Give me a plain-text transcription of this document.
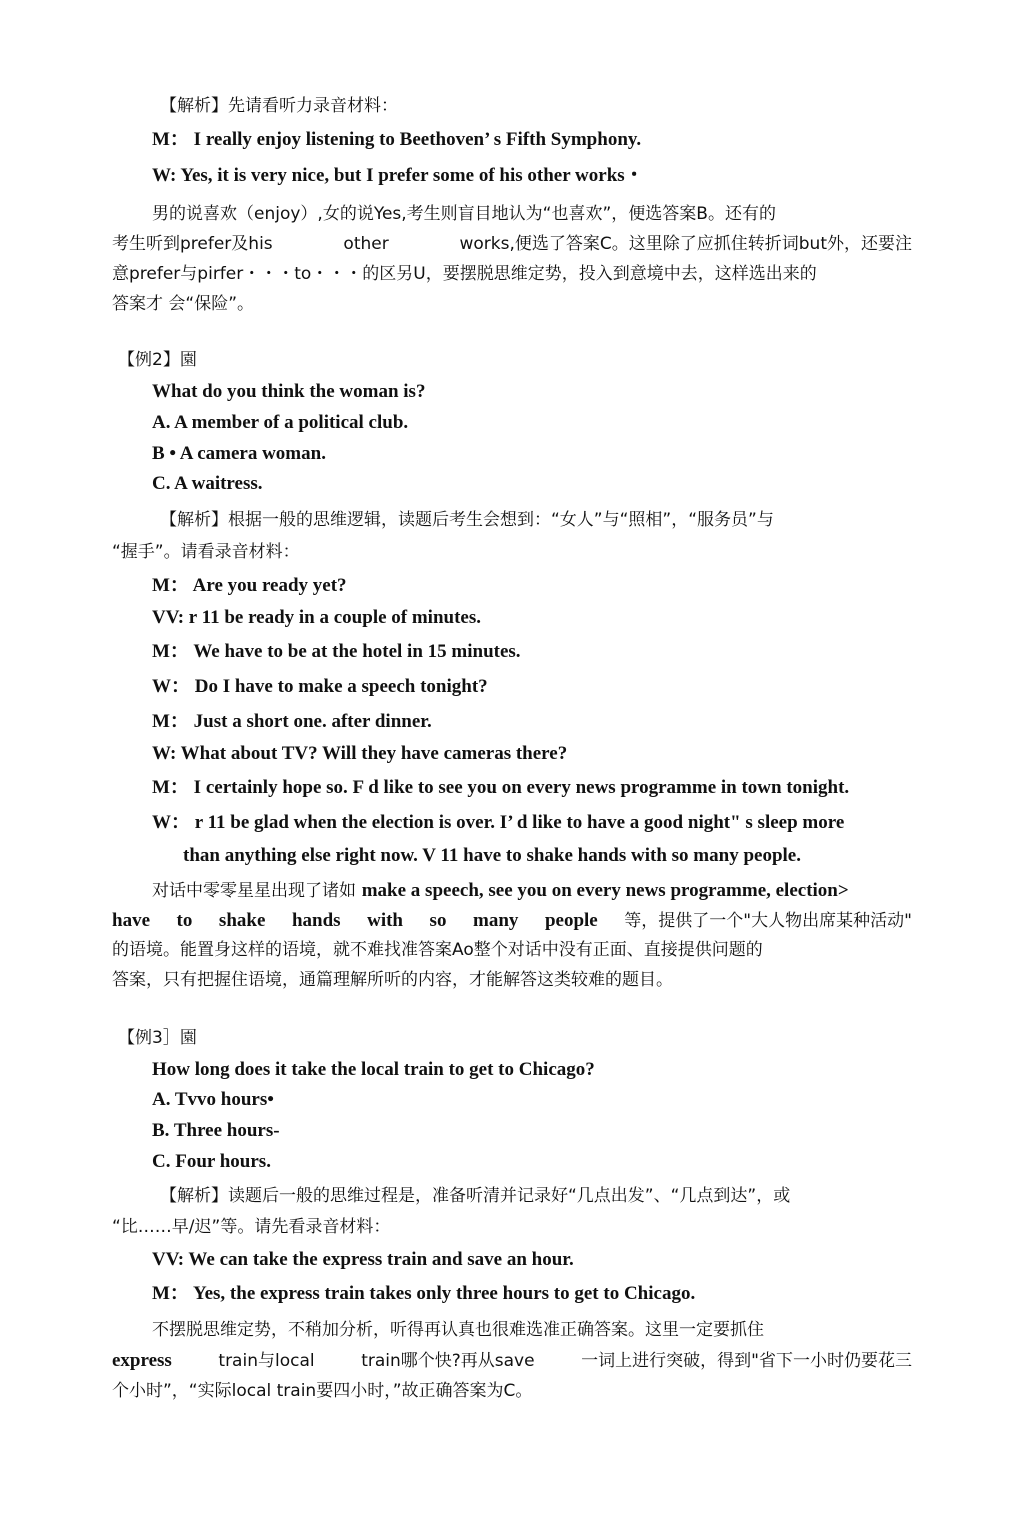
【解析】先请看听力录音材料：
M： I really enjoy listening to Beethoven’ s Fifth Symphony.
W: Yes, it is very nice, but I prefer some of his other works・
男的说喜欢（enjoy）,女的说Yes,考生则盲目地认为“也喜欢”，便选答案B。还有的
考生听到prefer及his	other	works,便选了答案C。这里除了应抓住转折词but外，还要注
意prefer与pirfer・・・to・・・的区另U，要摆脱思维定势，投入到意境中去，这样选出来的
答案才 会“保险”。
【例2】園
What do you think the woman is?
A. A member of a political club.
B • A camera woman.
C. A waitress.
【解析】根据一般的思维逻辑，读题后考生会想到：“女人”与“照相”，“服务员”与
“握手”。请看录音材料：
M： Are you ready yet?
VV: r 11 be ready in a couple of minutes.
M： We have to be at the hotel in 15 minutes.
W： Do I have to make a speech tonight?
M： Just a short one. after dinner.
W: What about TV? Will they have cameras there?
M： I certainly hope so. F d like to see you on every news programme in town tonight.
W： r 11 be glad when the election is over. I’ d like to have a good night" s sleep more
than anything else right now. V 11 have to shake hands with so many people.
对话中零零星星出现了诸如 make a speech, see you on every news programme, election>
have to shake hands with so many people 等，提供了一个"大人物出席某种活动"
的语境。能置身这样的语境，就不难找准答案Ao整个对话中没有正面、直接提供问题的
答案，只有把握住语境，通篇理解所听的内容，才能解答这类较难的题目。
【例3］園
How long does it take the local train to get to Chicago?
A. Tvvo hours•
B. Three hours-
C. Four hours.
【解析】读题后一般的思维过程是，准备听清并记录好“几点出发”、“几点到达”，或
“比……早/迟”等。请先看录音材料：
VV: We can take the express train and save an hour.
M： Yes, the express train takes only three hours to get to Chicago.
不摆脱思维定势，不稍加分析，听得再认真也很难选准正确答案。这里一定要抓住
express	train与local	train哪个快?再从save	一词上进行突破，得到"省下一小时仍要花三
个小时”，“实际local train要四小时，”故正确答案为C。
